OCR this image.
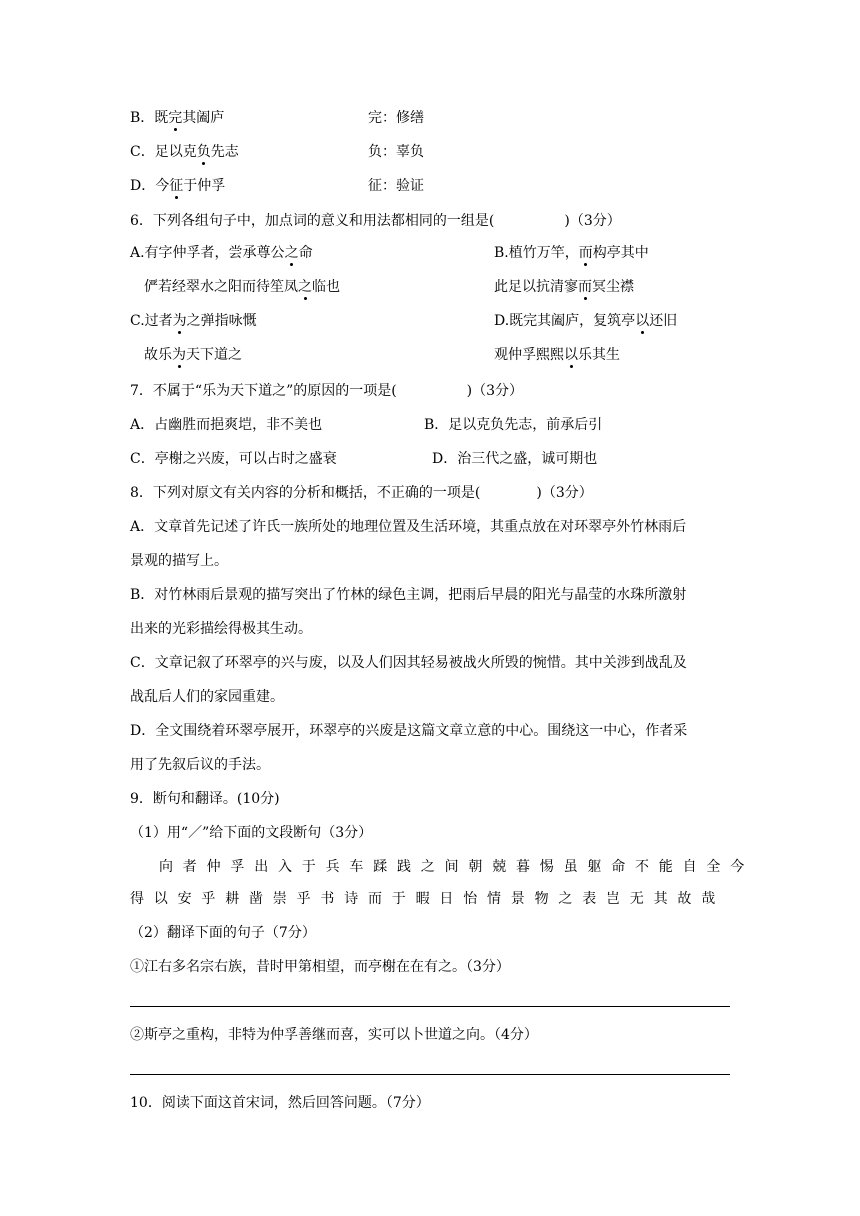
B．既完其阖庐	完：修缮
C．足以克负先志	负：辜负
D．今征于仲孚	征：验证
6．下列各组句子中，加点词的意义和用法都相同的一组是(　　　　　)（3分）
A.有字仲孚者，尝承尊公之命	B.植竹万竿，而构亭其中
俨若经翠水之阳而待笙凤之临也	此足以抗清寥而冥尘襟
C.过者为之弹指咏慨	D.既完其阖庐，复筑亭以还旧
故乐为天下道之	观仲孚熙熙以乐其生
7．不属于“乐为天下道之”的原因的一项是(　　　　　)（3分）
A．占幽胜而挹爽垲，非不美也	B．足以克负先志，前承后引
C．亭榭之兴废，可以占时之盛衰	D．治三代之盛，诚可期也
8．下列对原文有关内容的分析和概括，不正确的一项是(　　　　)（3分）
A．文章首先记述了许氏一族所处的地理位置及生活环境，其重点放在对环翠亭外竹林雨后
景观的描写上。
B．对竹林雨后景观的描写突出了竹林的绿色主调，把雨后早晨的阳光与晶莹的水珠所激射
出来的光彩描绘得极其生动。
C．文章记叙了环翠亭的兴与废，以及人们因其轻易被战火所毁的惋惜。其中关涉到战乱及
战乱后人们的家园重建。
D．全文围绕着环翠亭展开，环翠亭的兴废是这篇文章立意的中心。围绕这一中心，作者采
用了先叙后议的手法。
9．断句和翻译。(10分)
（1）用“／”给下面的文段断句（3分）
向者仲孚出入于兵车蹂践之间朝兢暮惕虽躯命不能自全今
得以安乎耕凿崇乎书诗而于暇日怡情景物之表岂无其故哉
（2）翻译下面的句子（7分）
①江右多名宗右族，昔时甲第相望，而亭榭在在有之。（3分）
②斯亭之重构，非特为仲孚善继而喜，实可以卜世道之向。（4分）
10．阅读下面这首宋词，然后回答问题。（7分）
